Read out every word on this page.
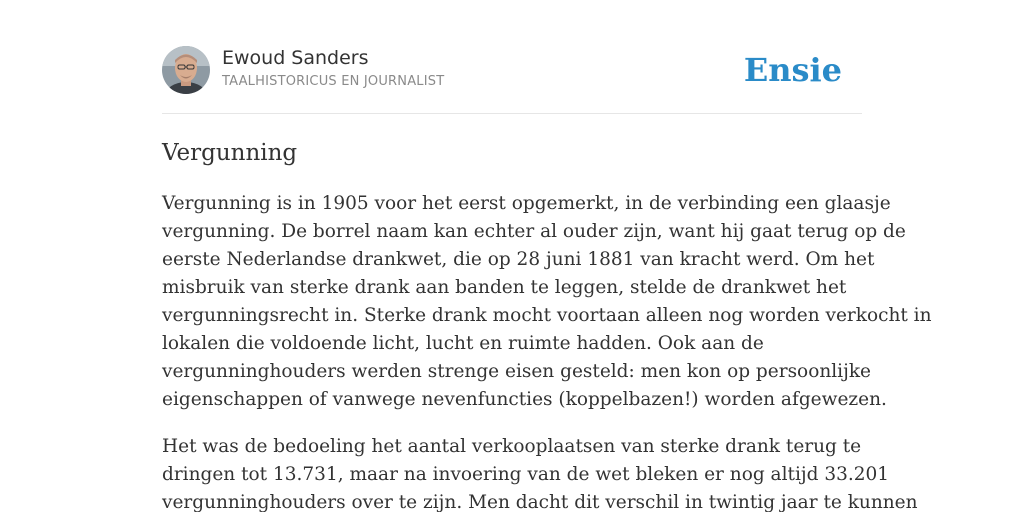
Ewoud Sanders
TAALHISTORICUS EN JOURNALIST	Ensie
Vergunning

Vergunning is in 1905 voor het eerst opgemerkt, in de verbinding een glaasje
vergunning. De borrel naam kan echter al ouder zijn, want hij gaat terug op de
eerste Nederlandse drankwet, die op 28 juni 1881 van kracht werd. Om het
misbruik van sterke drank aan banden te leggen, stelde de drankwet het
vergunningsrecht in. Sterke drank mocht voortaan alleen nog worden verkocht in
lokalen die voldoende licht, lucht en ruimte hadden. Ook aan de
vergunninghouders werden strenge eisen gesteld: men kon op persoonlijke
eigenschappen of vanwege nevenfuncties (koppelbazen!) worden afgewezen.

Het was de bedoeling het aantal verkooplaatsen van sterke drank terug te
dringen tot 13.731, maar na invoering van de wet bleken er nog altijd 33.201
vergunninghouders over te zijn. Men dacht dit verschil in twintig jaar te kunnen
